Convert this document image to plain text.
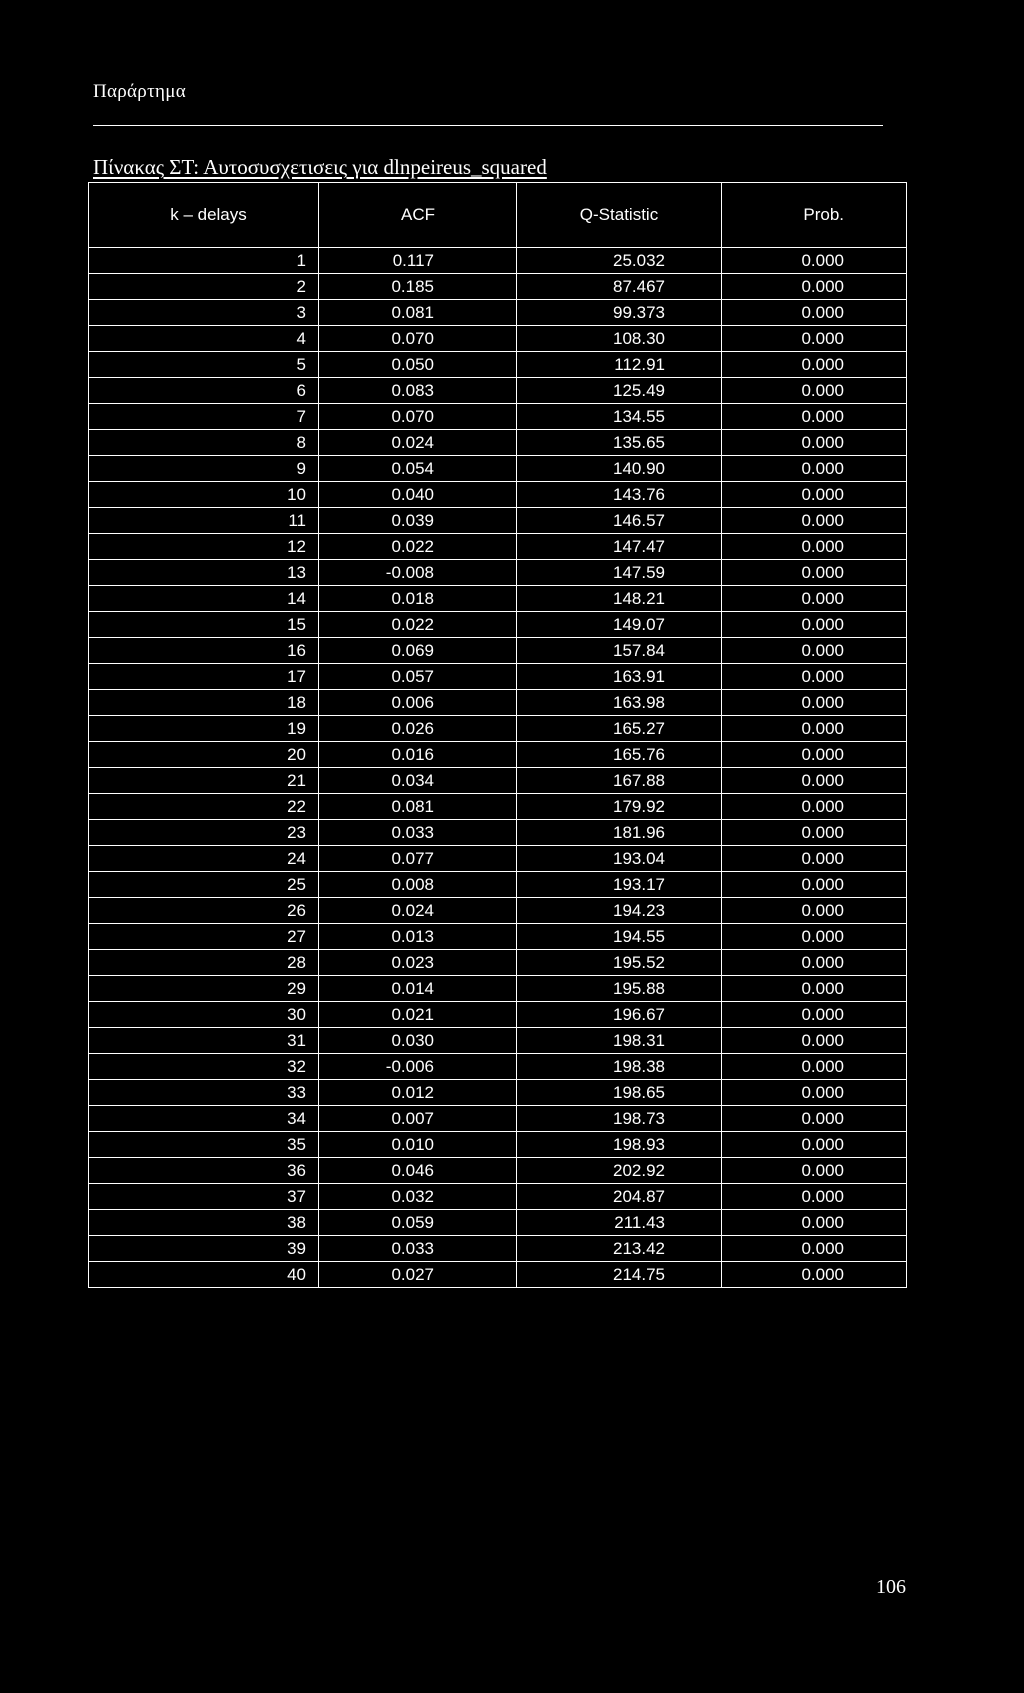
Παράρτημα
Πίνακας ΣΤ: Αυτοσυσχετισεις για dlnpeireus_squared
k – delays	ACF	Q-Statistic	Prob.
1	0.117	25.032	0.000
2	0.185	87.467	0.000
3	0.081	99.373	0.000
4	0.070	108.30	0.000
5	0.050	112.91	0.000
6	0.083	125.49	0.000
7	0.070	134.55	0.000
8	0.024	135.65	0.000
9	0.054	140.90	0.000
10	0.040	143.76	0.000
11	0.039	146.57	0.000
12	0.022	147.47	0.000
13	-0.008	147.59	0.000
14	0.018	148.21	0.000
15	0.022	149.07	0.000
16	0.069	157.84	0.000
17	0.057	163.91	0.000
18	0.006	163.98	0.000
19	0.026	165.27	0.000
20	0.016	165.76	0.000
21	0.034	167.88	0.000
22	0.081	179.92	0.000
23	0.033	181.96	0.000
24	0.077	193.04	0.000
25	0.008	193.17	0.000
26	0.024	194.23	0.000
27	0.013	194.55	0.000
28	0.023	195.52	0.000
29	0.014	195.88	0.000
30	0.021	196.67	0.000
31	0.030	198.31	0.000
32	-0.006	198.38	0.000
33	0.012	198.65	0.000
34	0.007	198.73	0.000
35	0.010	198.93	0.000
36	0.046	202.92	0.000
37	0.032	204.87	0.000
38	0.059	211.43	0.000
39	0.033	213.42	0.000
40	0.027	214.75	0.000
106
